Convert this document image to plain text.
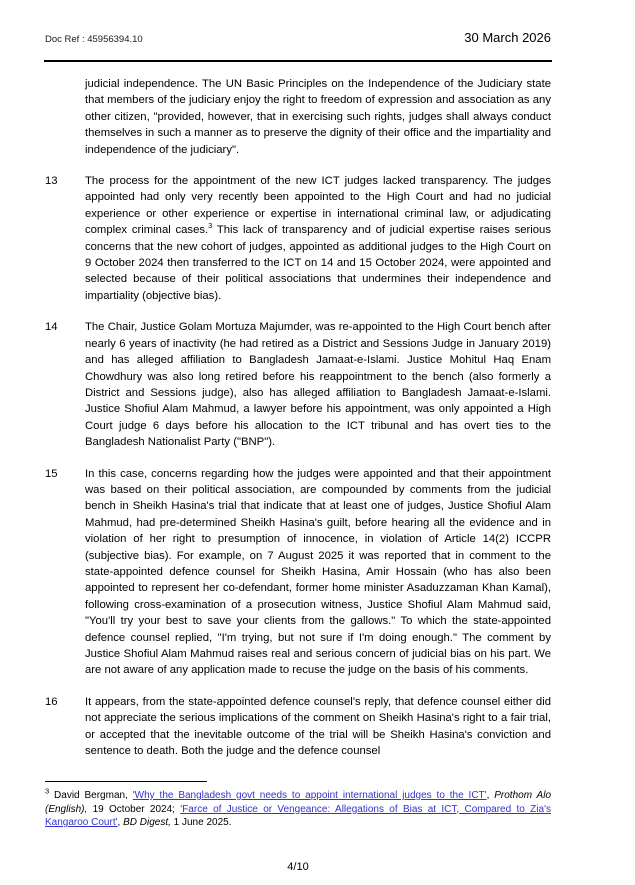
Doc Ref : 45956394.10	30 March 2026
judicial independence. The UN Basic Principles on the Independence of the Judiciary state that members of the judiciary enjoy the right to freedom of expression and association as any other citizen, "provided, however, that in exercising such rights, judges shall always conduct themselves in such a manner as to preserve the dignity of their office and the impartiality and independence of the judiciary".
13	The process for the appointment of the new ICT judges lacked transparency. The judges appointed had only very recently been appointed to the High Court and had no judicial experience or other experience or expertise in international criminal law, or adjudicating complex criminal cases.$^3$ This lack of transparency and of judicial expertise raises serious concerns that the new cohort of judges, appointed as additional judges to the High Court on 9 October 2024 then transferred to the ICT on 14 and 15 October 2024, were appointed and selected because of their political associations that undermines their independence and impartiality (objective bias).
14	The Chair, Justice Golam Mortuza Majumder, was re-appointed to the High Court bench after nearly 6 years of inactivity (he had retired as a District and Sessions Judge in January 2019) and has alleged affiliation to Bangladesh Jamaat-e-Islami. Justice Mohitul Haq Enam Chowdhury was also long retired before his reappointment to the bench (also formerly a District and Sessions judge), also has alleged affiliation to Bangladesh Jamaat-e-Islami. Justice Shofiul Alam Mahmud, a lawyer before his appointment, was only appointed a High Court judge 6 days before his allocation to the ICT tribunal and has overt ties to the Bangladesh Nationalist Party ("BNP").
15	In this case, concerns regarding how the judges were appointed and that their appointment was based on their political association, are compounded by comments from the judicial bench in Sheikh Hasina's trial that indicate that at least one of judges, Justice Shofiul Alam Mahmud, had pre-determined Sheikh Hasina's guilt, before hearing all the evidence and in violation of her right to presumption of innocence, in violation of Article 14(2) ICCPR (subjective bias). For example, on 7 August 2025 it was reported that in comment to the state-appointed defence counsel for Sheikh Hasina, Amir Hossain (who has also been appointed to represent her co-defendant, former home minister Asaduzzaman Khan Kamal), following cross-examination of a prosecution witness, Justice Shofiul Alam Mahmud said, "You'll try your best to save your clients from the gallows." To which the state-appointed defence counsel replied, "I'm trying, but not sure if I'm doing enough." The comment by Justice Shofiul Alam Mahmud raises real and serious concern of judicial bias on his part. We are not aware of any application made to recuse the judge on the basis of his comments.
16	It appears, from the state-appointed defence counsel's reply, that defence counsel either did not appreciate the serious implications of the comment on Sheikh Hasina's right to a fair trial, or accepted that the inevitable outcome of the trial will be Sheikh Hasina's conviction and sentence to death. Both the judge and the defence counsel
$^3$ David Bergman, 'Why the Bangladesh govt needs to appoint international judges to the ICT', Prothom Alo (English), 19 October 2024; 'Farce of Justice or Vengeance: Allegations of Bias at ICT, Compared to Zia's Kangaroo Court', BD Digest, 1 June 2025.
4/10
